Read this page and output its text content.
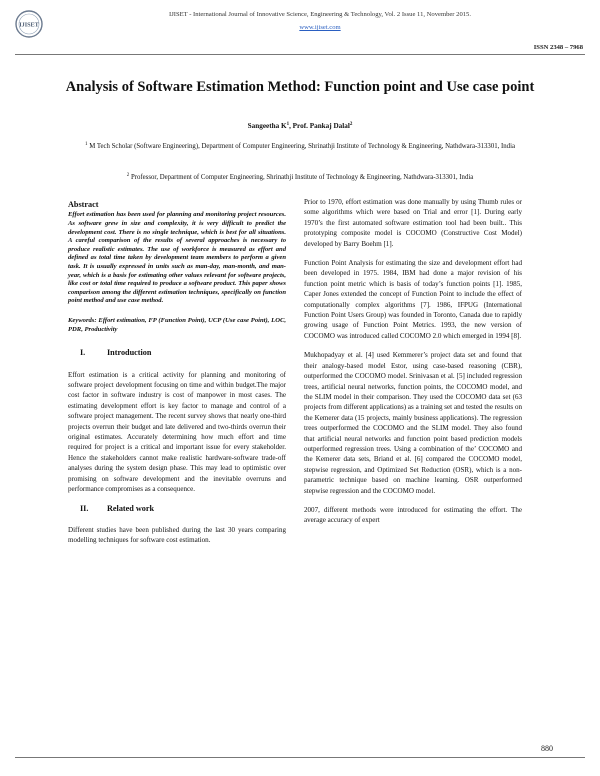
IJISET
IJISET - International Journal of Innovative Science, Engineering & Technology, Vol. 2 Issue 11, November 2015.
www.ijiset.com
ISSN 2348 – 7968
Analysis of Software Estimation Method: Function point and Use case point
Sangeetha $K^1$, Prof. Pankaj Dalal$^2$
$^1$ M Tech Scholar (Software Engineering), Department of Computer Engineering, Shrinathji Institute of Technology & Engineering, Nathdwara-313301, India
$^2$ Professor, Department of Computer Engineering, Shrinathji Institute of Technology & Engineering, Nathdwara-313301, India
Abstract
Effort estimation has been used for planning and monitoring project resources. As software grew in size and complexity, it is very difficult to predict the development cost. There is no single technique, which is best for all situations. A careful comparison of the results of several approaches is necessary to produce realistic estimates. The use of workforce is measured as effort and defined as total time taken by development team members to perform a given task. It is usually expressed in units such as man-day, man-month, and man-year, which is a basis for estimating other values relevant for software projects, like cost or total time required to produce a software product. This paper shows comparison among the different estimation techniques, specifically on function point method and use case method.
Keywords: Effort estimation, FP (Function Point), UCP (Use case Point), LOC, PDR, Productivity
I.	Introduction

Effort estimation is a critical activity for planning and monitoring of software project development focusing on time and within budget.The major cost factor in software industry is cost of manpower in most cases. The estimating development effort is key factor to manage and control of a software project management. The recent survey shows that nearly one-third projects overrun their budget and late delivered and two-thirds overrun their original estimates. Accurately determining how much effort and time required for project is a critical and important issue for every stakeholder. Hence the stakeholders cannot make realistic hardware-software trade-off analyses during the system design phase. This may lead to optimistic over promising on software development and the inevitable overruns and performance compromises as a consequence.

II. Related work

Different studies have been published during the last 30 years comparing modelling techniques for software cost estimation.

Prior to 1970, effort estimation was done manually by using Thumb rules or some algorithms which were based on Trial and error [1]. During early 1970’s the first automated software estimation tool had been built.. This prototyping composite model is COCOMO (Constructive Cost Model) developed by Barry Boehm [1].

Function Point Analysis for estimating the size and development effort had been developed in 1975. 1984, IBM had done a major revision of his function point metric which is basis of today’s function points [1]. 1985, Caper Jones extended the concept of Function Point to include the effect of computationally complex algorithms [7]. 1986, IFPUG (International Function Point Users Group) was founded in Toronto, Canada due to rapidly growing usage of Function Point Metrics. 1993, the new version of COCOMO was introduced called COCOMO 2.0 which emerged in 1994 [8].

Mukhopadyay et al. [4] used Kemmerer’s project data set and found that their analogy-based model Estor, using case-based reasoning (CBR), outperformed the COCOMO model. Srinivasan et al. [5] included regression trees, artificial neural networks, function points, the COCOMO model, and the SLIM model in their comparison. They used the COCOMO data set (63 projects from different applications) as a training set and tested the results on the Kemerer data (15 projects, mainly business applications). The regression trees outperformed the COCOMO and the SLIM model. They also found that artificial neural networks and function point based prediction models outperformed regression trees. Using a combination of the’ COCOMO and the Kemerer data sets, Briand et al. [6] compared the COCOMO model, stepwise regression, and Optimized Set Reduction (OSR), which is a non-parametric technique based on machine learning. OSR outperformed stepwise regression and the COCOMO model.

2007, different methods were introduced for estimating the effort. The average accuracy of expert

880
